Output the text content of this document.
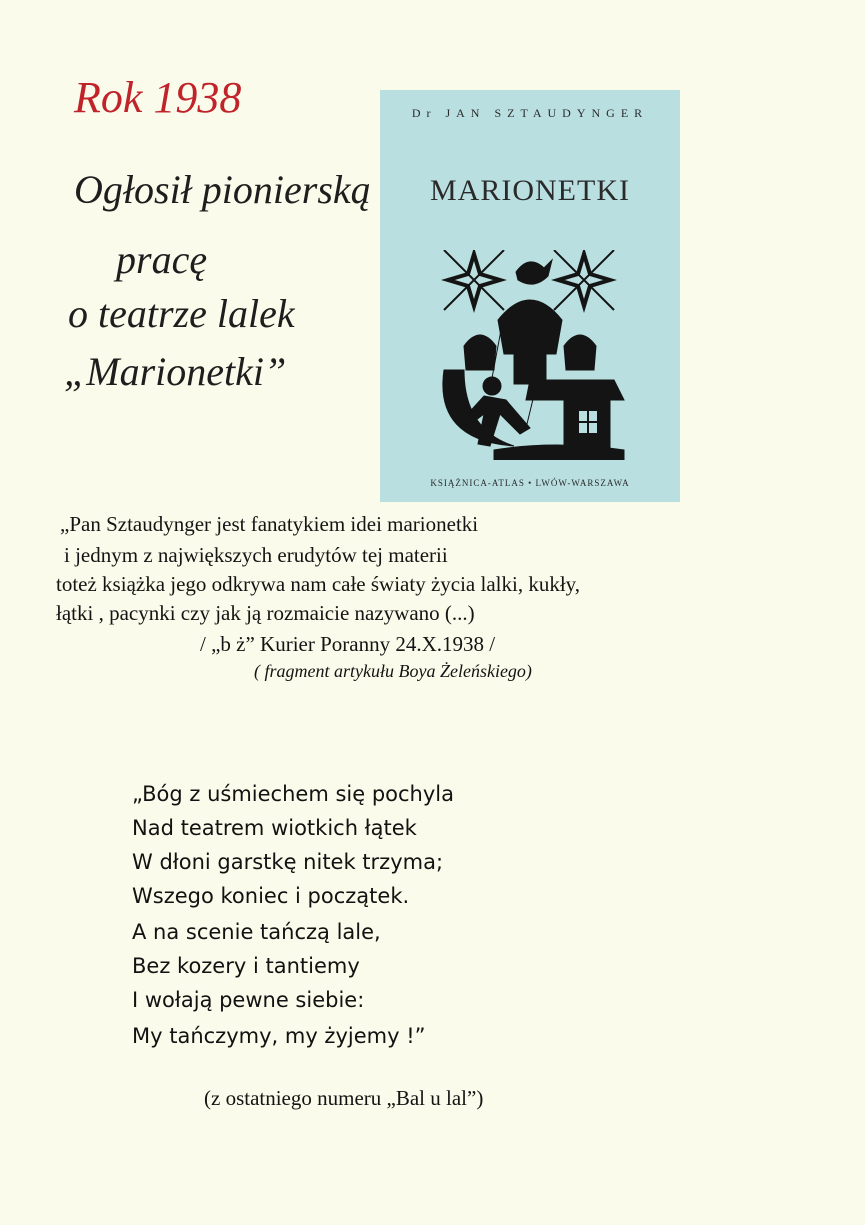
Rok 1938
Ogłosił pionierską
pracę
o teatrze lalek
„Marionetki”
Dr JAN SZTAUDYNGER
MARIONETKI
KSIĄŻNICA-ATLAS • LWÓW-WARSZAWA
„Pan Sztaudynger jest fanatykiem idei marionetki
i jednym z największych erudytów tej materii
toteż książka jego odkrywa nam całe światy życia lalki, kukły,
łątki , pacynki czy jak ją rozmaicie nazywano (...)
/ „b ż” Kurier Poranny 24.X.1938 /
( fragment artykułu Boya Żeleńskiego)
„Bóg z uśmiechem się pochyla
Nad teatrem wiotkich łątek
W dłoni garstkę nitek trzyma;
Wszego koniec i początek.
A na scenie tańczą lale,
Bez kozery i tantiemy
I wołają pewne siebie:
My tańczymy, my żyjemy !”
(z ostatniego numeru „Bal u lal”)
